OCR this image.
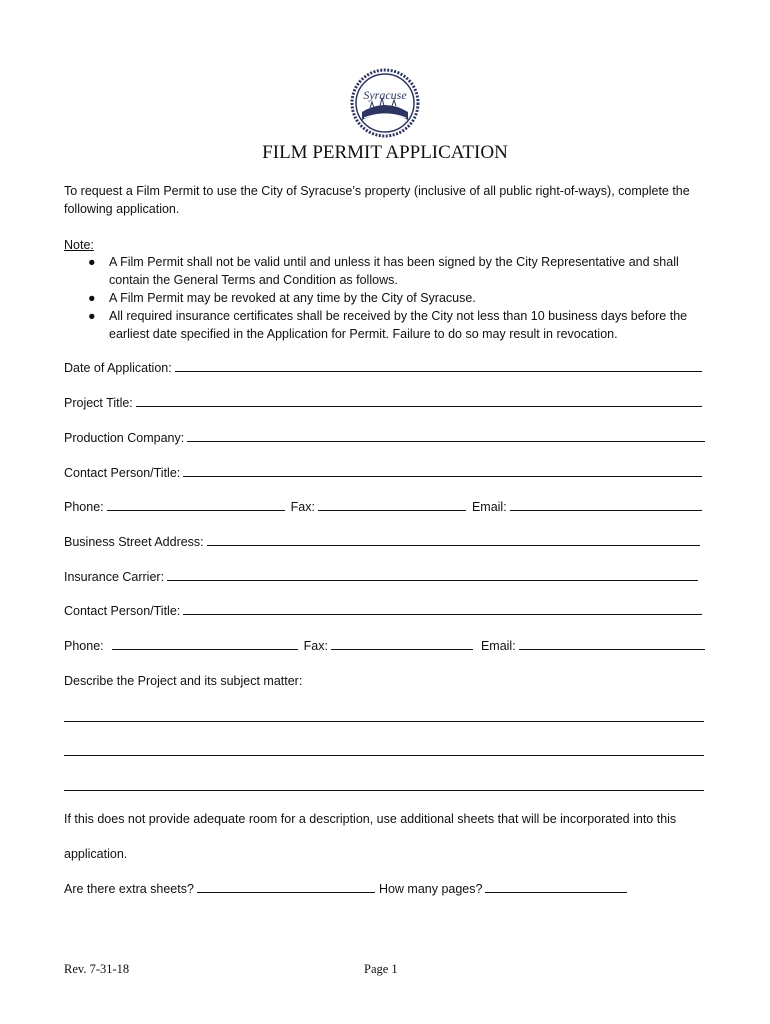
Syracuse
FILM PERMIT APPLICATION
To request a Film Permit to use the City of Syracuse’s property (inclusive of all public right-of-ways), complete the
following application.
Note:
● A Film Permit shall not be valid until and unless it has been signed by the City Representative and shall
contain the General Terms and Condition as follows.
● A Film Permit may be revoked at any time by the City of Syracuse.
● All required insurance certificates shall be received by the City not less than 10 business days before the
earliest date specified in the Application for Permit. Failure to do so may result in revocation.
Date of Application:
Project Title:
Production Company:
Contact Person/Title:
Phone:	Fax:	Email:
Business Street Address:
Insurance Carrier:
Contact Person/Title:
Phone:	Fax:	Email:
Describe the Project and its subject matter:
If this does not provide adequate room for a description, use additional sheets that will be incorporated into this
application.
Are there extra sheets?	How many pages?
Rev. 7-31-18	Page 1
